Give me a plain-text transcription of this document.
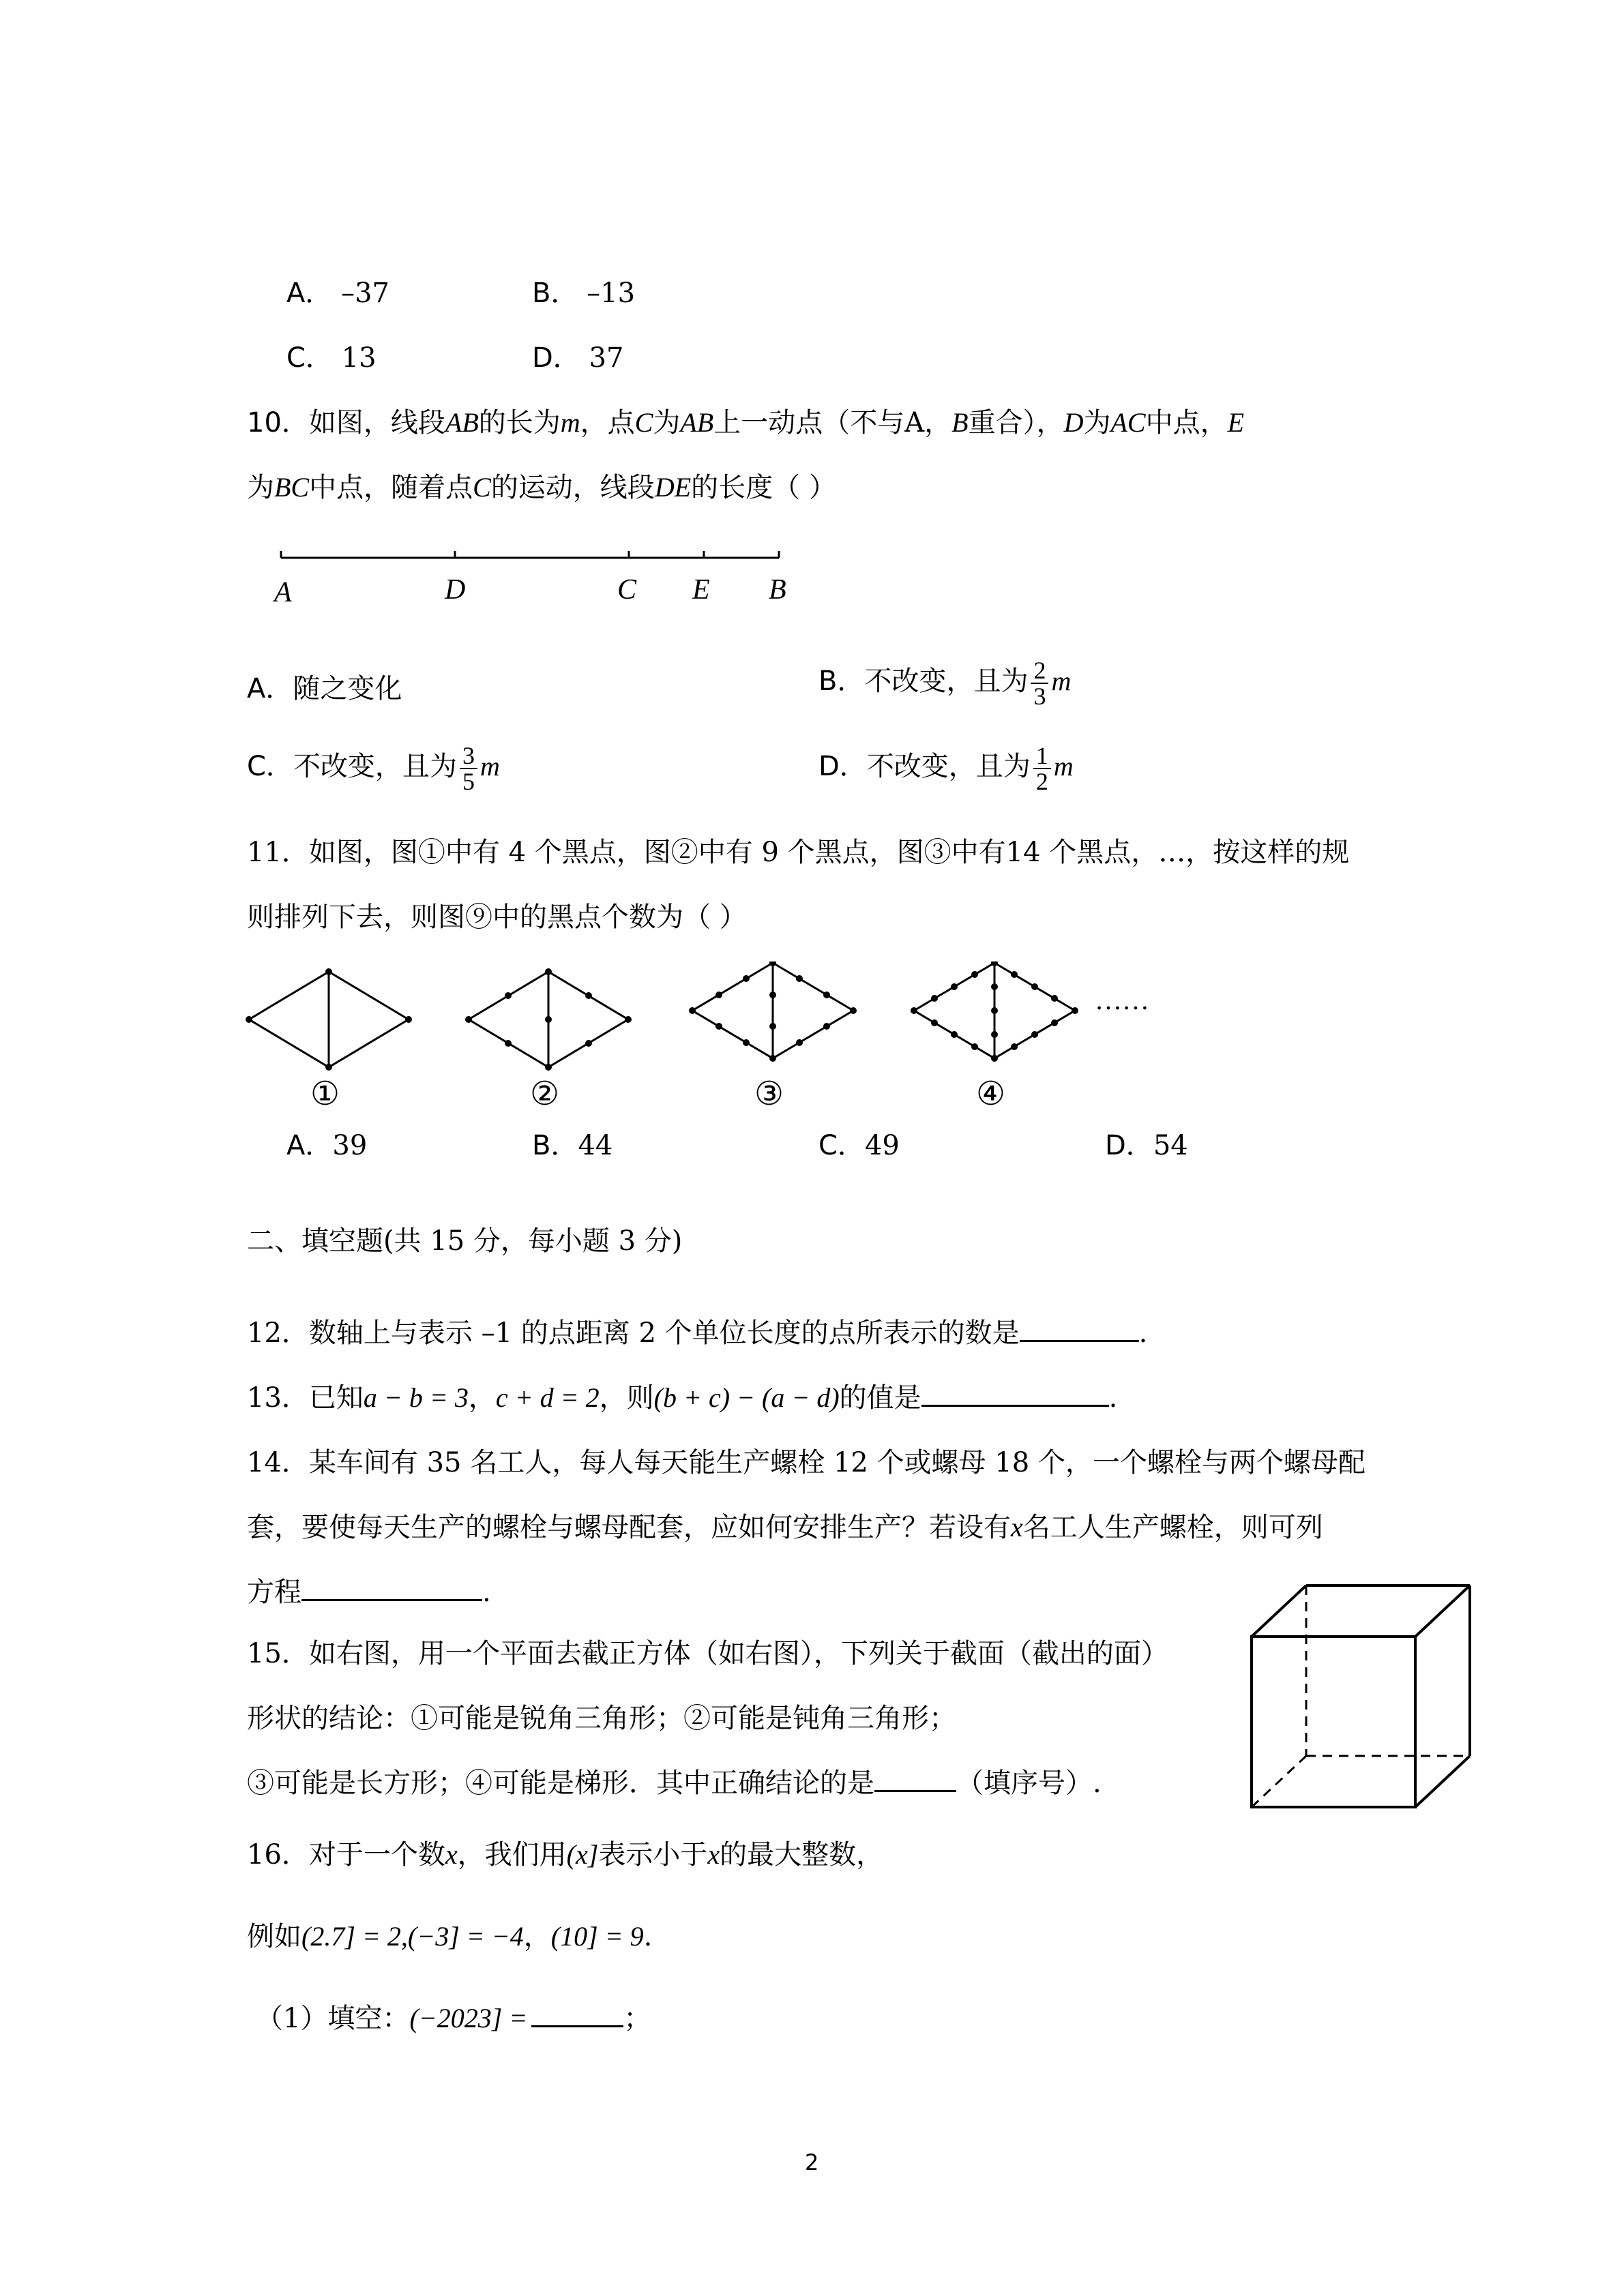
A． –37	B． –13
C． 13	D． 37
10．如图，线段AB的长为m，点C为AB上一动点（不与A，B重合），D为AC中点，E
为BC中点，随着点C的运动，线段DE的长度（ ）
A	D	C E B
A．随之变化	B．不改变，且为 $\frac{2}{3}$ m
C．不改变，且为 $\frac{3}{5}$ m	D．不改变，且为 $\frac{1}{2}$ m
11．如图，图①中有 4 个黑点，图②中有 9 个黑点，图③中有14 个黑点，…，按这样的规
则排列下去，则图⑨中的黑点个数为（ ）
……
①	②	③	④
A．39	B．44	C．49	D．54
二、填空题(共 15 分，每小题 3 分)
12．数轴上与表示 –1 的点距离 2 个单位长度的点所表示的数是	.
13．已知a − b = 3，c + d = 2，则(b + c) − (a − d)的值是	.
14．某车间有 35 名工人，每人每天能生产螺栓 12 个或螺母 18 个，一个螺栓与两个螺母配
套，要使每天生产的螺栓与螺母配套，应如何安排生产？若设有x名工人生产螺栓，则可列
方程	.
15．如右图，用一个平面去截正方体（如右图），下列关于截面（截出的面）
形状的结论：①可能是锐角三角形；②可能是钝角三角形；
③可能是长方形；④可能是梯形．其中正确结论的是	（填序号）.
16．对于一个数x，我们用(x]表示小于x的最大整数，
例如(2.7] = 2,(−3] = −4，(10] = 9.
（1）填空：(−2023] =	；
2
